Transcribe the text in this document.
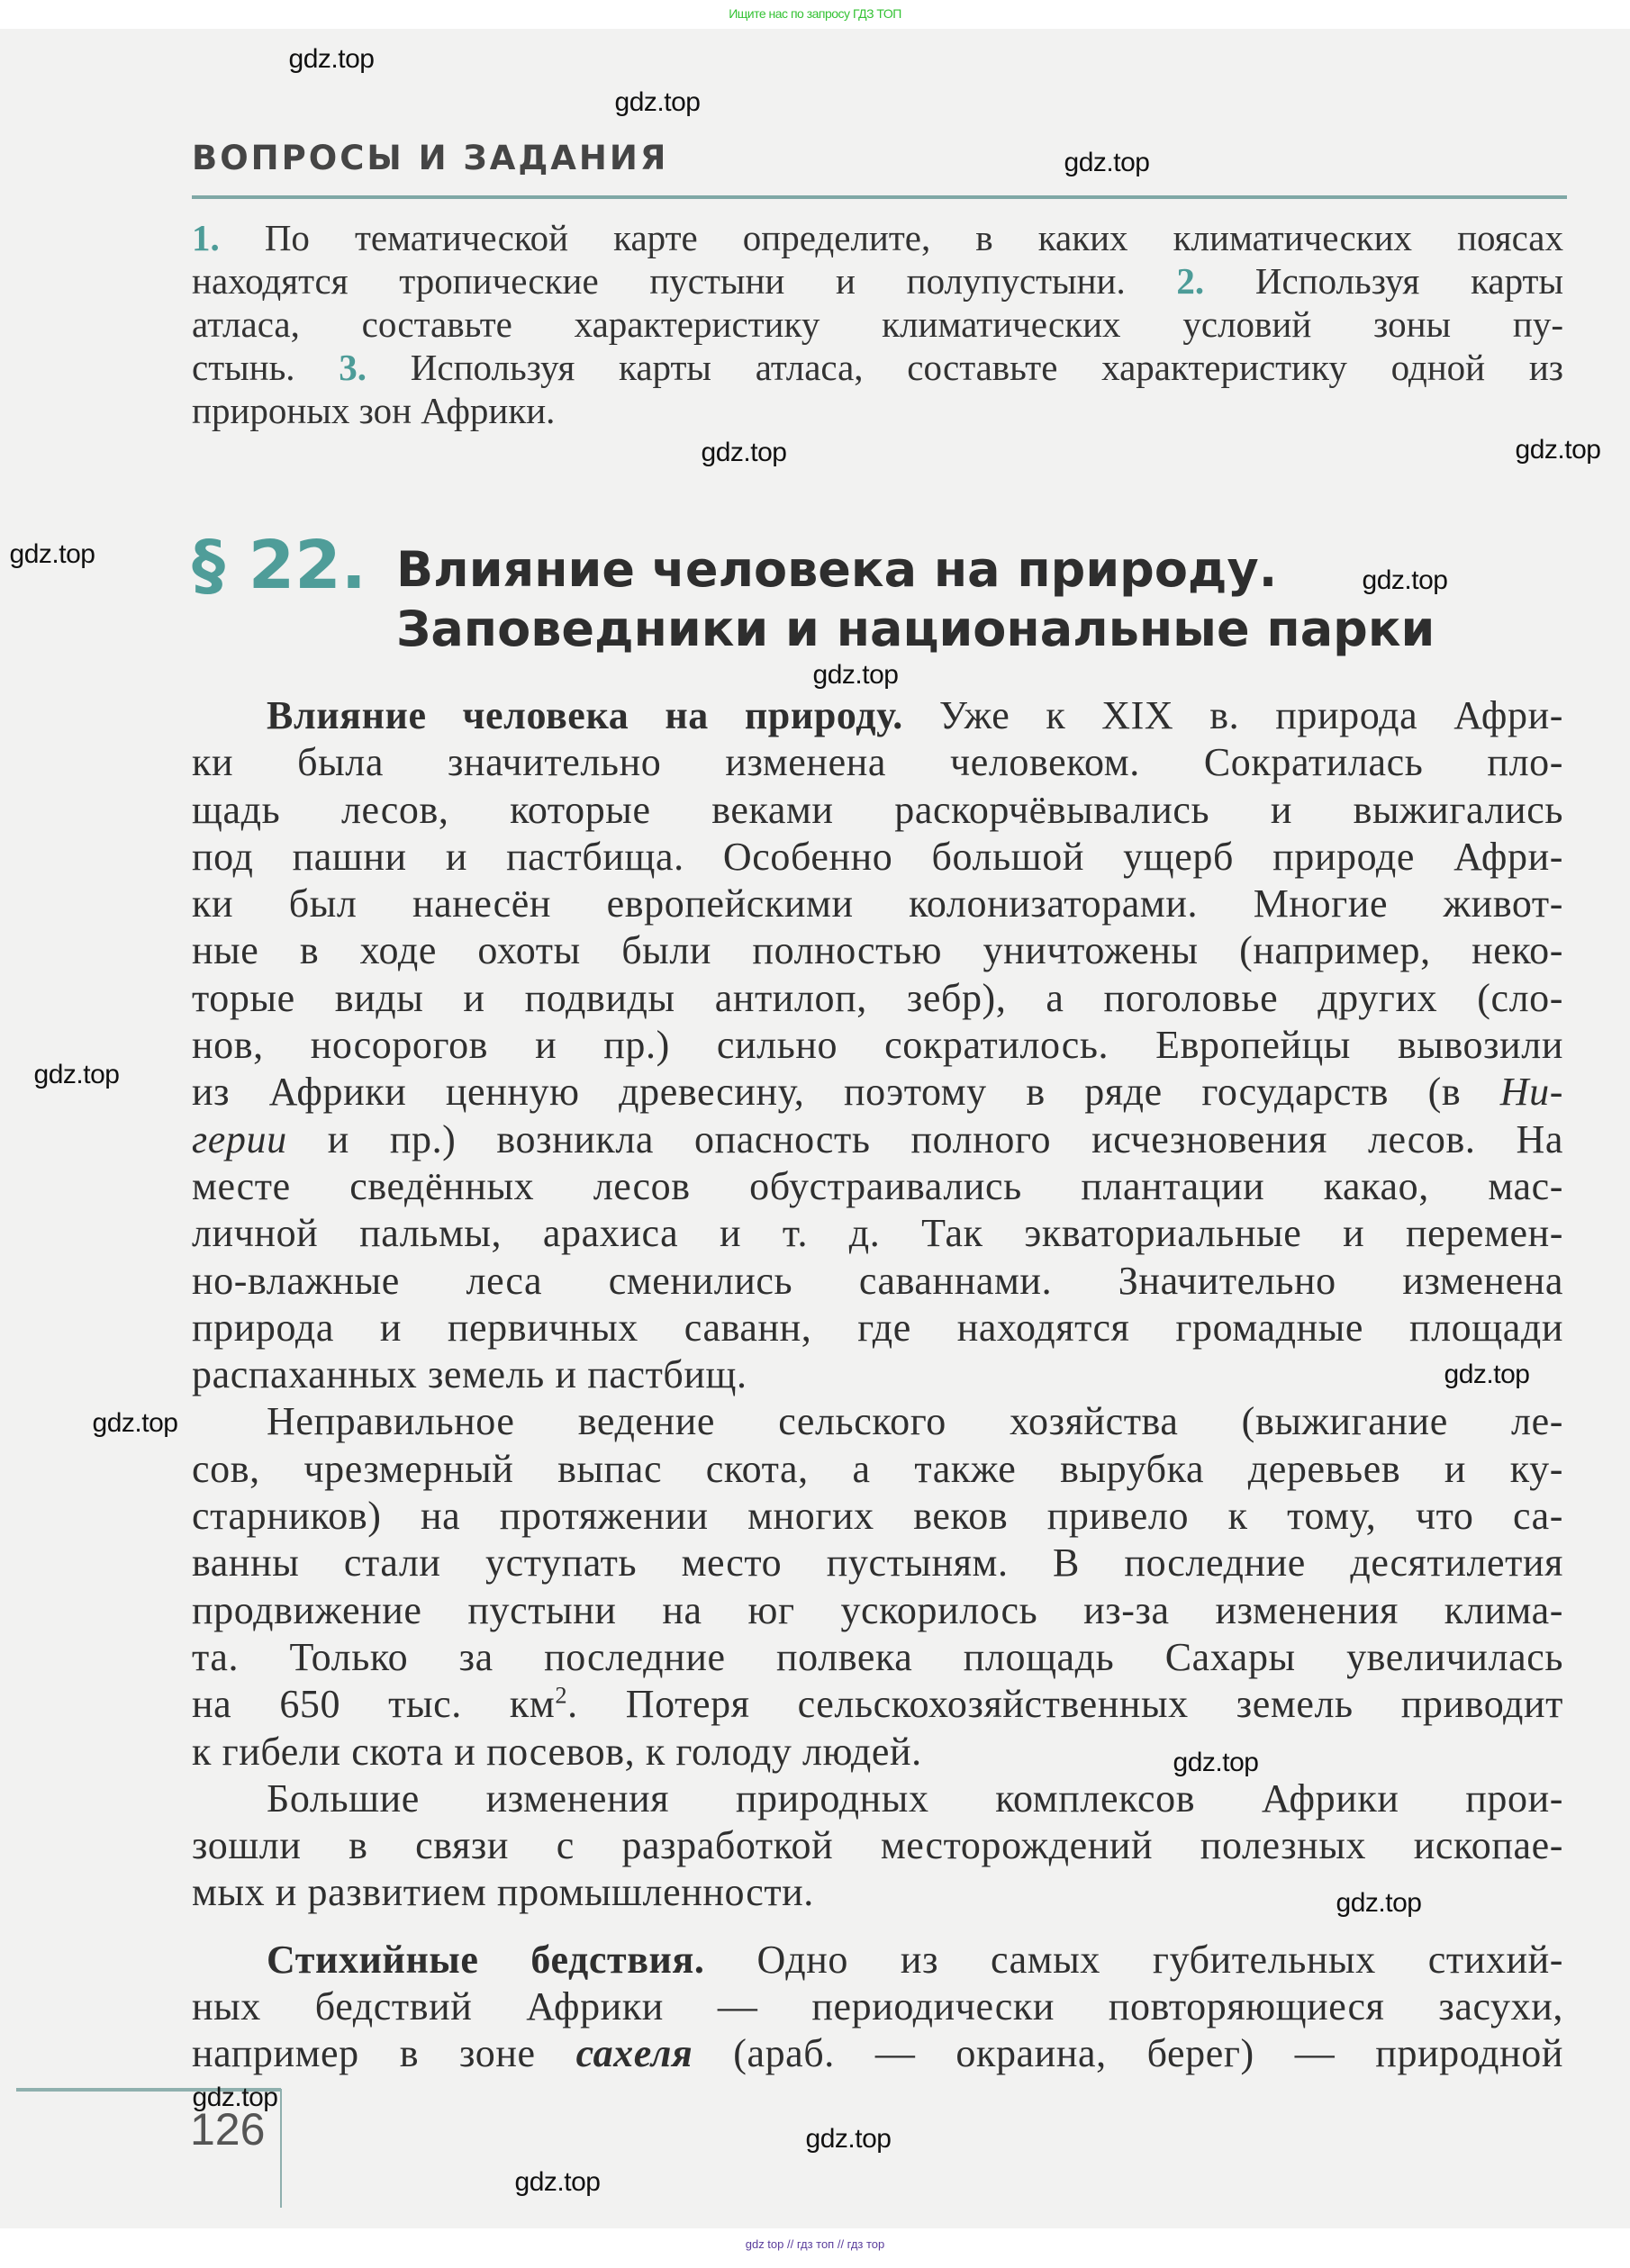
Ищите нас по запросу ГДЗ ТОП
ВОПРОСЫ И ЗАДАНИЯ
1. По тематической карте определите, в каких климатических поясах
находятся тропические пустыни и полупустыни. 2. Используя карты
атласа, составьте характеристику климатических условий зоны пу-
стынь. 3. Используя карты атласа, составьте характеристику одной из
прироных зон Африки.
§ 22. Влияние человека на природу.
Заповедники и национальные парки
Влияние человека на природу. Уже к XIX в. природа Афри-
ки была значительно изменена человеком. Сократилась пло-
щадь лесов, которые веками раскорчёвывались и выжигались
под пашни и пастбища. Особенно большой ущерб природе Афри-
ки был нанесён европейскими колонизаторами. Многие живот-
ные в ходе охоты были полностью уничтожены (например, неко-
торые виды и подвиды антилоп, зебр), а поголовье других (сло-
нов, носорогов и пр.) сильно сократилось. Европейцы вывозили
из Африки ценную древесину, поэтому в ряде государств (в Ни-
герии и пр.) возникла опасность полного исчезновения лесов. На
месте сведённых лесов обустраивались плантации какао, мас-
личной пальмы, арахиса и т. д. Так экваториальные и перемен-
но-влажные леса сменились саваннами. Значительно изменена
природа и первичных саванн, где находятся громадные площади
распаханных земель и пастбищ.
Неправильное ведение сельского хозяйства (выжигание ле-
сов, чрезмерный выпас скота, а также вырубка деревьев и ку-
старников) на протяжении многих веков привело к тому, что са-
ванны стали уступать место пустыням. В последние десятилетия
продвижение пустыни на юг ускорилось из-за изменения клима-
та. Только за последние полвека площадь Сахары увеличилась
на 650 тыс. $км^2$. Потеря сельскохозяйственных земель приводит
к гибели скота и посевов, к голоду людей.
Большие изменения природных комплексов Африки прои-
зошли в связи с разработкой месторождений полезных ископае-
мых и развитием промышленности.
Стихийные бедствия. Одно из самых губительных стихий-
ных бедствий Африки — периодически повторяющиеся засухи,
например в зоне сахеля (араб. — окраина, берег) — природной
126
gdz.top
gdz.top
gdz.top
gdz.top
gdz.top
gdz.top
gdz.top
gdz.top
gdz.top
gdz.top
gdz.top
gdz.top
gdz.top
gdz.top
gdz.top
gdz.top
gdz top // гдз топ // гдз тор
